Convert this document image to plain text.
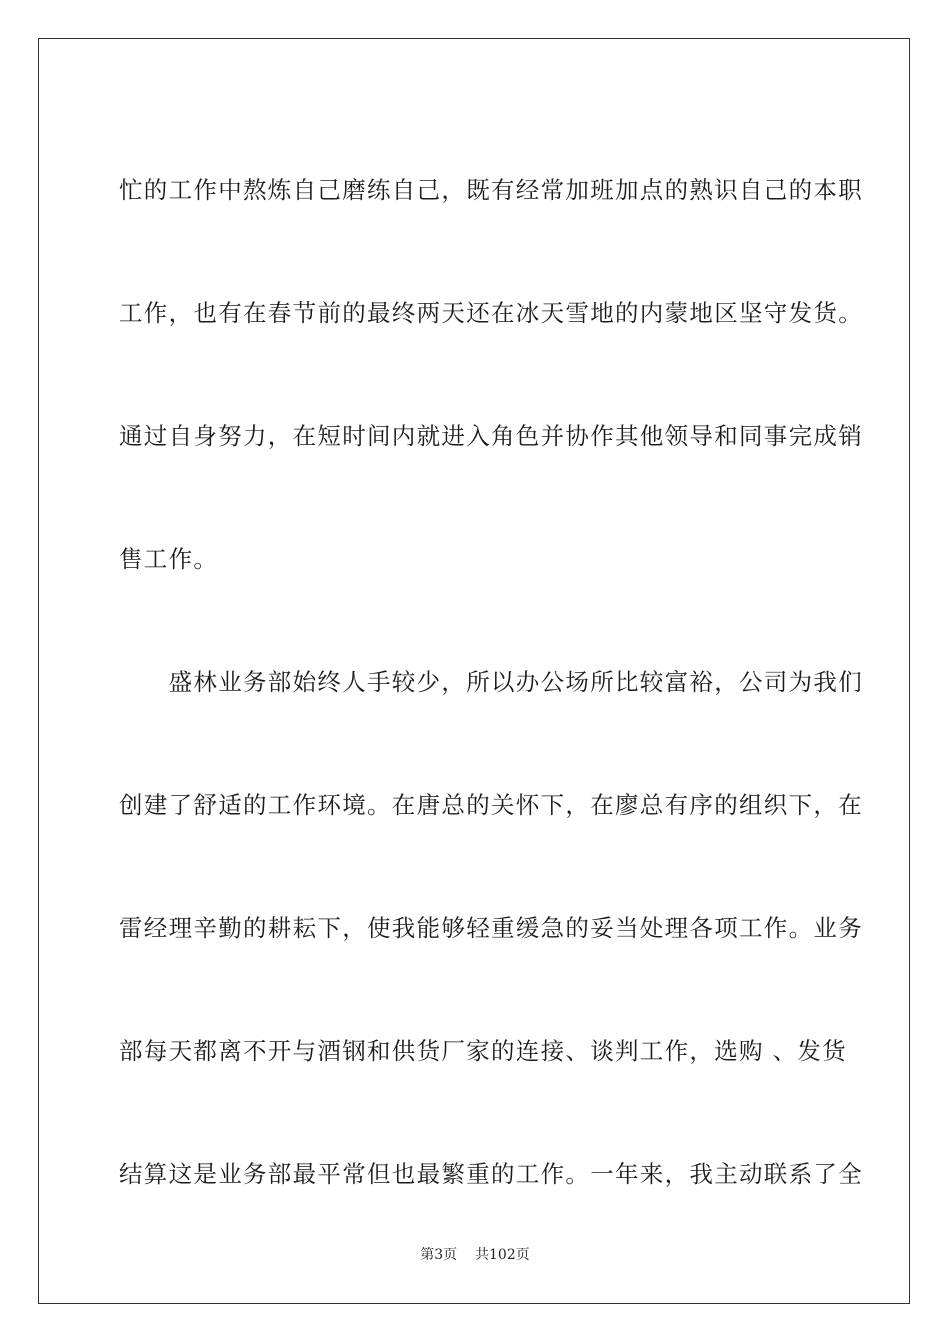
忙的工作中熬炼自己磨练自己，既有经常加班加点的熟识自己的本职

工作，也有在春节前的最终两天还在冰天雪地的内蒙地区坚守发货。

通过自身努力，在短时间内就进入角色并协作其他领导和同事完成销

售工作。

　　盛林业务部始终人手较少，所以办公场所比较富裕，公司为我们

创建了舒适的工作环境。在唐总的关怀下，在廖总有序的组织下，在

雷经理辛勤的耕耘下，使我能够轻重缓急的妥当处理各项工作。业务

部每天都离不开与酒钢和供货厂家的连接、谈判工作，选购 、发货

结算这是业务部最平常但也最繁重的工作。一年来，我主动联系了全

第3页 共102页
